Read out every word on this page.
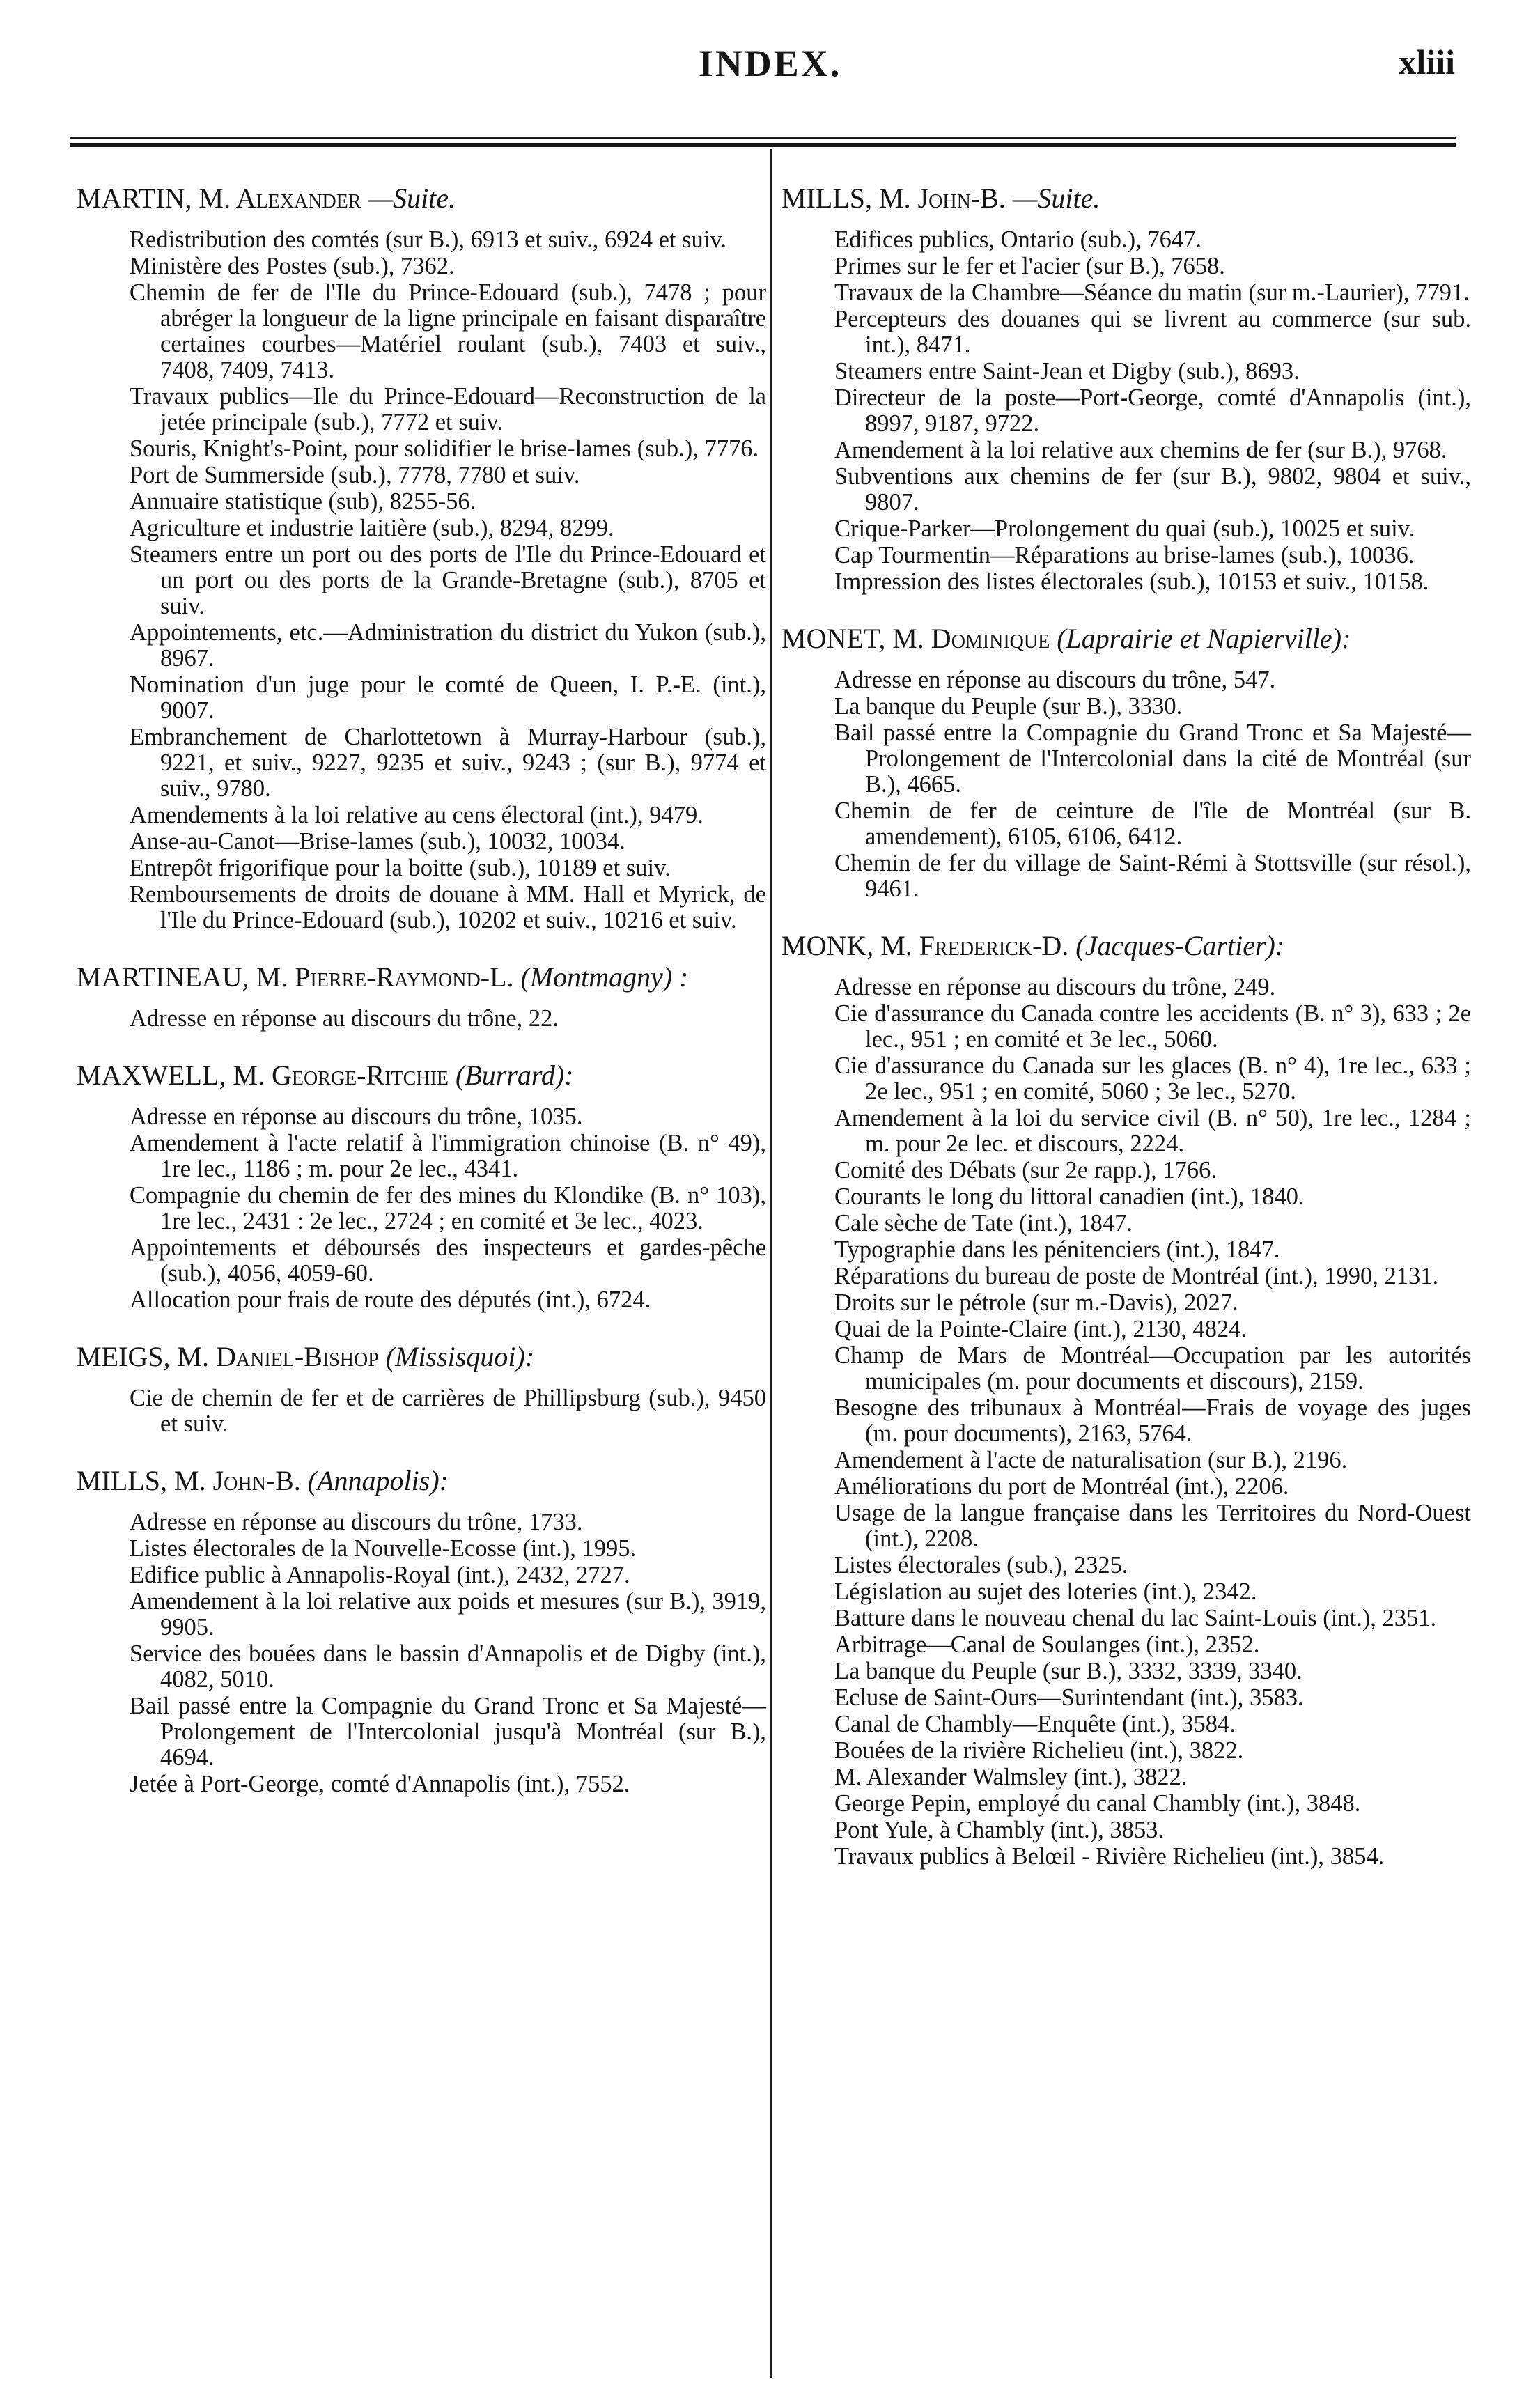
INDEX.	xliii
MARTIN, M. Alexander —Suite.
Redistribution des comtés (sur B.), 6913 et suiv., 6924 et suiv.
Ministère des Postes (sub.), 7362.
Chemin de fer de l'Ile du Prince-Edouard (sub.), 7478 ; pour abréger la longueur de la ligne principale en faisant disparaître certaines courbes—Matériel roulant (sub.), 7403 et suiv., 7408, 7409, 7413.
Travaux publics—Ile du Prince-Edouard—Reconstruction de la jetée principale (sub.), 7772 et suiv.
Souris, Knight's-Point, pour solidifier le brise-lames (sub.), 7776.
Port de Summerside (sub.), 7778, 7780 et suiv.
Annuaire statistique (sub), 8255-56.
Agriculture et industrie laitière (sub.), 8294, 8299.
Steamers entre un port ou des ports de l'Ile du Prince-Edouard et un port ou des ports de la Grande-Bretagne (sub.), 8705 et suiv.
Appointements, etc.—Administration du district du Yukon (sub.), 8967.
Nomination d'un juge pour le comté de Queen, I. P.-E. (int.), 9007.
Embranchement de Charlottetown à Murray-Harbour (sub.), 9221, et suiv., 9227, 9235 et suiv., 9243 ; (sur B.), 9774 et suiv., 9780.
Amendements à la loi relative au cens électoral (int.), 9479.
Anse-au-Canot—Brise-lames (sub.), 10032, 10034.
Entrepôt frigorifique pour la boitte (sub.), 10189 et suiv.
Remboursements de droits de douane à MM. Hall et Myrick, de l'Ile du Prince-Edouard (sub.), 10202 et suiv., 10216 et suiv.
MARTINEAU, M. Pierre-Raymond-L. (Montmagny) :
Adresse en réponse au discours du trône, 22.
MAXWELL, M. George-Ritchie (Burrard):
Adresse en réponse au discours du trône, 1035.
Amendement à l'acte relatif à l'immigration chinoise (B. n° 49), 1re lec., 1186 ; m. pour 2e lec., 4341.
Compagnie du chemin de fer des mines du Klondike (B. n° 103), 1re lec., 2431 : 2e lec., 2724 ; en comité et 3e lec., 4023.
Appointements et déboursés des inspecteurs et gardes-pêche (sub.), 4056, 4059-60.
Allocation pour frais de route des députés (int.), 6724.
MEIGS, M. Daniel-Bishop (Missisquoi):
Cie de chemin de fer et de carrières de Phillipsburg (sub.), 9450 et suiv.
MILLS, M. John-B. (Annapolis):
Adresse en réponse au discours du trône, 1733.
Listes électorales de la Nouvelle-Ecosse (int.), 1995.
Edifice public à Annapolis-Royal (int.), 2432, 2727.
Amendement à la loi relative aux poids et mesures (sur B.), 3919, 9905.
Service des bouées dans le bassin d'Annapolis et de Digby (int.), 4082, 5010.
Bail passé entre la Compagnie du Grand Tronc et Sa Majesté—Prolongement de l'Intercolonial jusqu'à Montréal (sur B.), 4694.
Jetée à Port-George, comté d'Annapolis (int.), 7552.
MILLS, M. John-B. —Suite.
Edifices publics, Ontario (sub.), 7647.
Primes sur le fer et l'acier (sur B.), 7658.
Travaux de la Chambre—Séance du matin (sur m.-Laurier), 7791.
Percepteurs des douanes qui se livrent au commerce (sur sub. int.), 8471.
Steamers entre Saint-Jean et Digby (sub.), 8693.
Directeur de la poste—Port-George, comté d'Annapolis (int.), 8997, 9187, 9722.
Amendement à la loi relative aux chemins de fer (sur B.), 9768.
Subventions aux chemins de fer (sur B.), 9802, 9804 et suiv., 9807.
Crique-Parker—Prolongement du quai (sub.), 10025 et suiv.
Cap Tourmentin—Réparations au brise-lames (sub.), 10036.
Impression des listes électorales (sub.), 10153 et suiv., 10158.
MONET, M. Dominique (Laprairie et Napierville):
Adresse en réponse au discours du trône, 547.
La banque du Peuple (sur B.), 3330.
Bail passé entre la Compagnie du Grand Tronc et Sa Majesté—Prolongement de l'Intercolonial dans la cité de Montréal (sur B.), 4665.
Chemin de fer de ceinture de l'île de Montréal (sur B. amendement), 6105, 6106, 6412.
Chemin de fer du village de Saint-Rémi à Stottsville (sur résol.), 9461.
MONK, M. Frederick-D. (Jacques-Cartier):
Adresse en réponse au discours du trône, 249.
Cie d'assurance du Canada contre les accidents (B. n° 3), 633 ; 2e lec., 951 ; en comité et 3e lec., 5060.
Cie d'assurance du Canada sur les glaces (B. n° 4), 1re lec., 633 ; 2e lec., 951 ; en comité, 5060 ; 3e lec., 5270.
Amendement à la loi du service civil (B. n° 50), 1re lec., 1284 ; m. pour 2e lec. et discours, 2224.
Comité des Débats (sur 2e rapp.), 1766.
Courants le long du littoral canadien (int.), 1840.
Cale sèche de Tate (int.), 1847.
Typographie dans les pénitenciers (int.), 1847.
Réparations du bureau de poste de Montréal (int.), 1990, 2131.
Droits sur le pétrole (sur m.-Davis), 2027.
Quai de la Pointe-Claire (int.), 2130, 4824.
Champ de Mars de Montréal—Occupation par les autorités municipales (m. pour documents et discours), 2159.
Besogne des tribunaux à Montréal—Frais de voyage des juges (m. pour documents), 2163, 5764.
Amendement à l'acte de naturalisation (sur B.), 2196.
Améliorations du port de Montréal (int.), 2206.
Usage de la langue française dans les Territoires du Nord-Ouest (int.), 2208.
Listes électorales (sub.), 2325.
Législation au sujet des loteries (int.), 2342.
Batture dans le nouveau chenal du lac Saint-Louis (int.), 2351.
Arbitrage—Canal de Soulanges (int.), 2352.
La banque du Peuple (sur B.), 3332, 3339, 3340.
Ecluse de Saint-Ours—Surintendant (int.), 3583.
Canal de Chambly—Enquête (int.), 3584.
Bouées de la rivière Richelieu (int.), 3822.
M. Alexander Walmsley (int.), 3822.
George Pepin, employé du canal Chambly (int.), 3848.
Pont Yule, à Chambly (int.), 3853.
Travaux publics à Belœil - Rivière Richelieu (int.), 3854.
